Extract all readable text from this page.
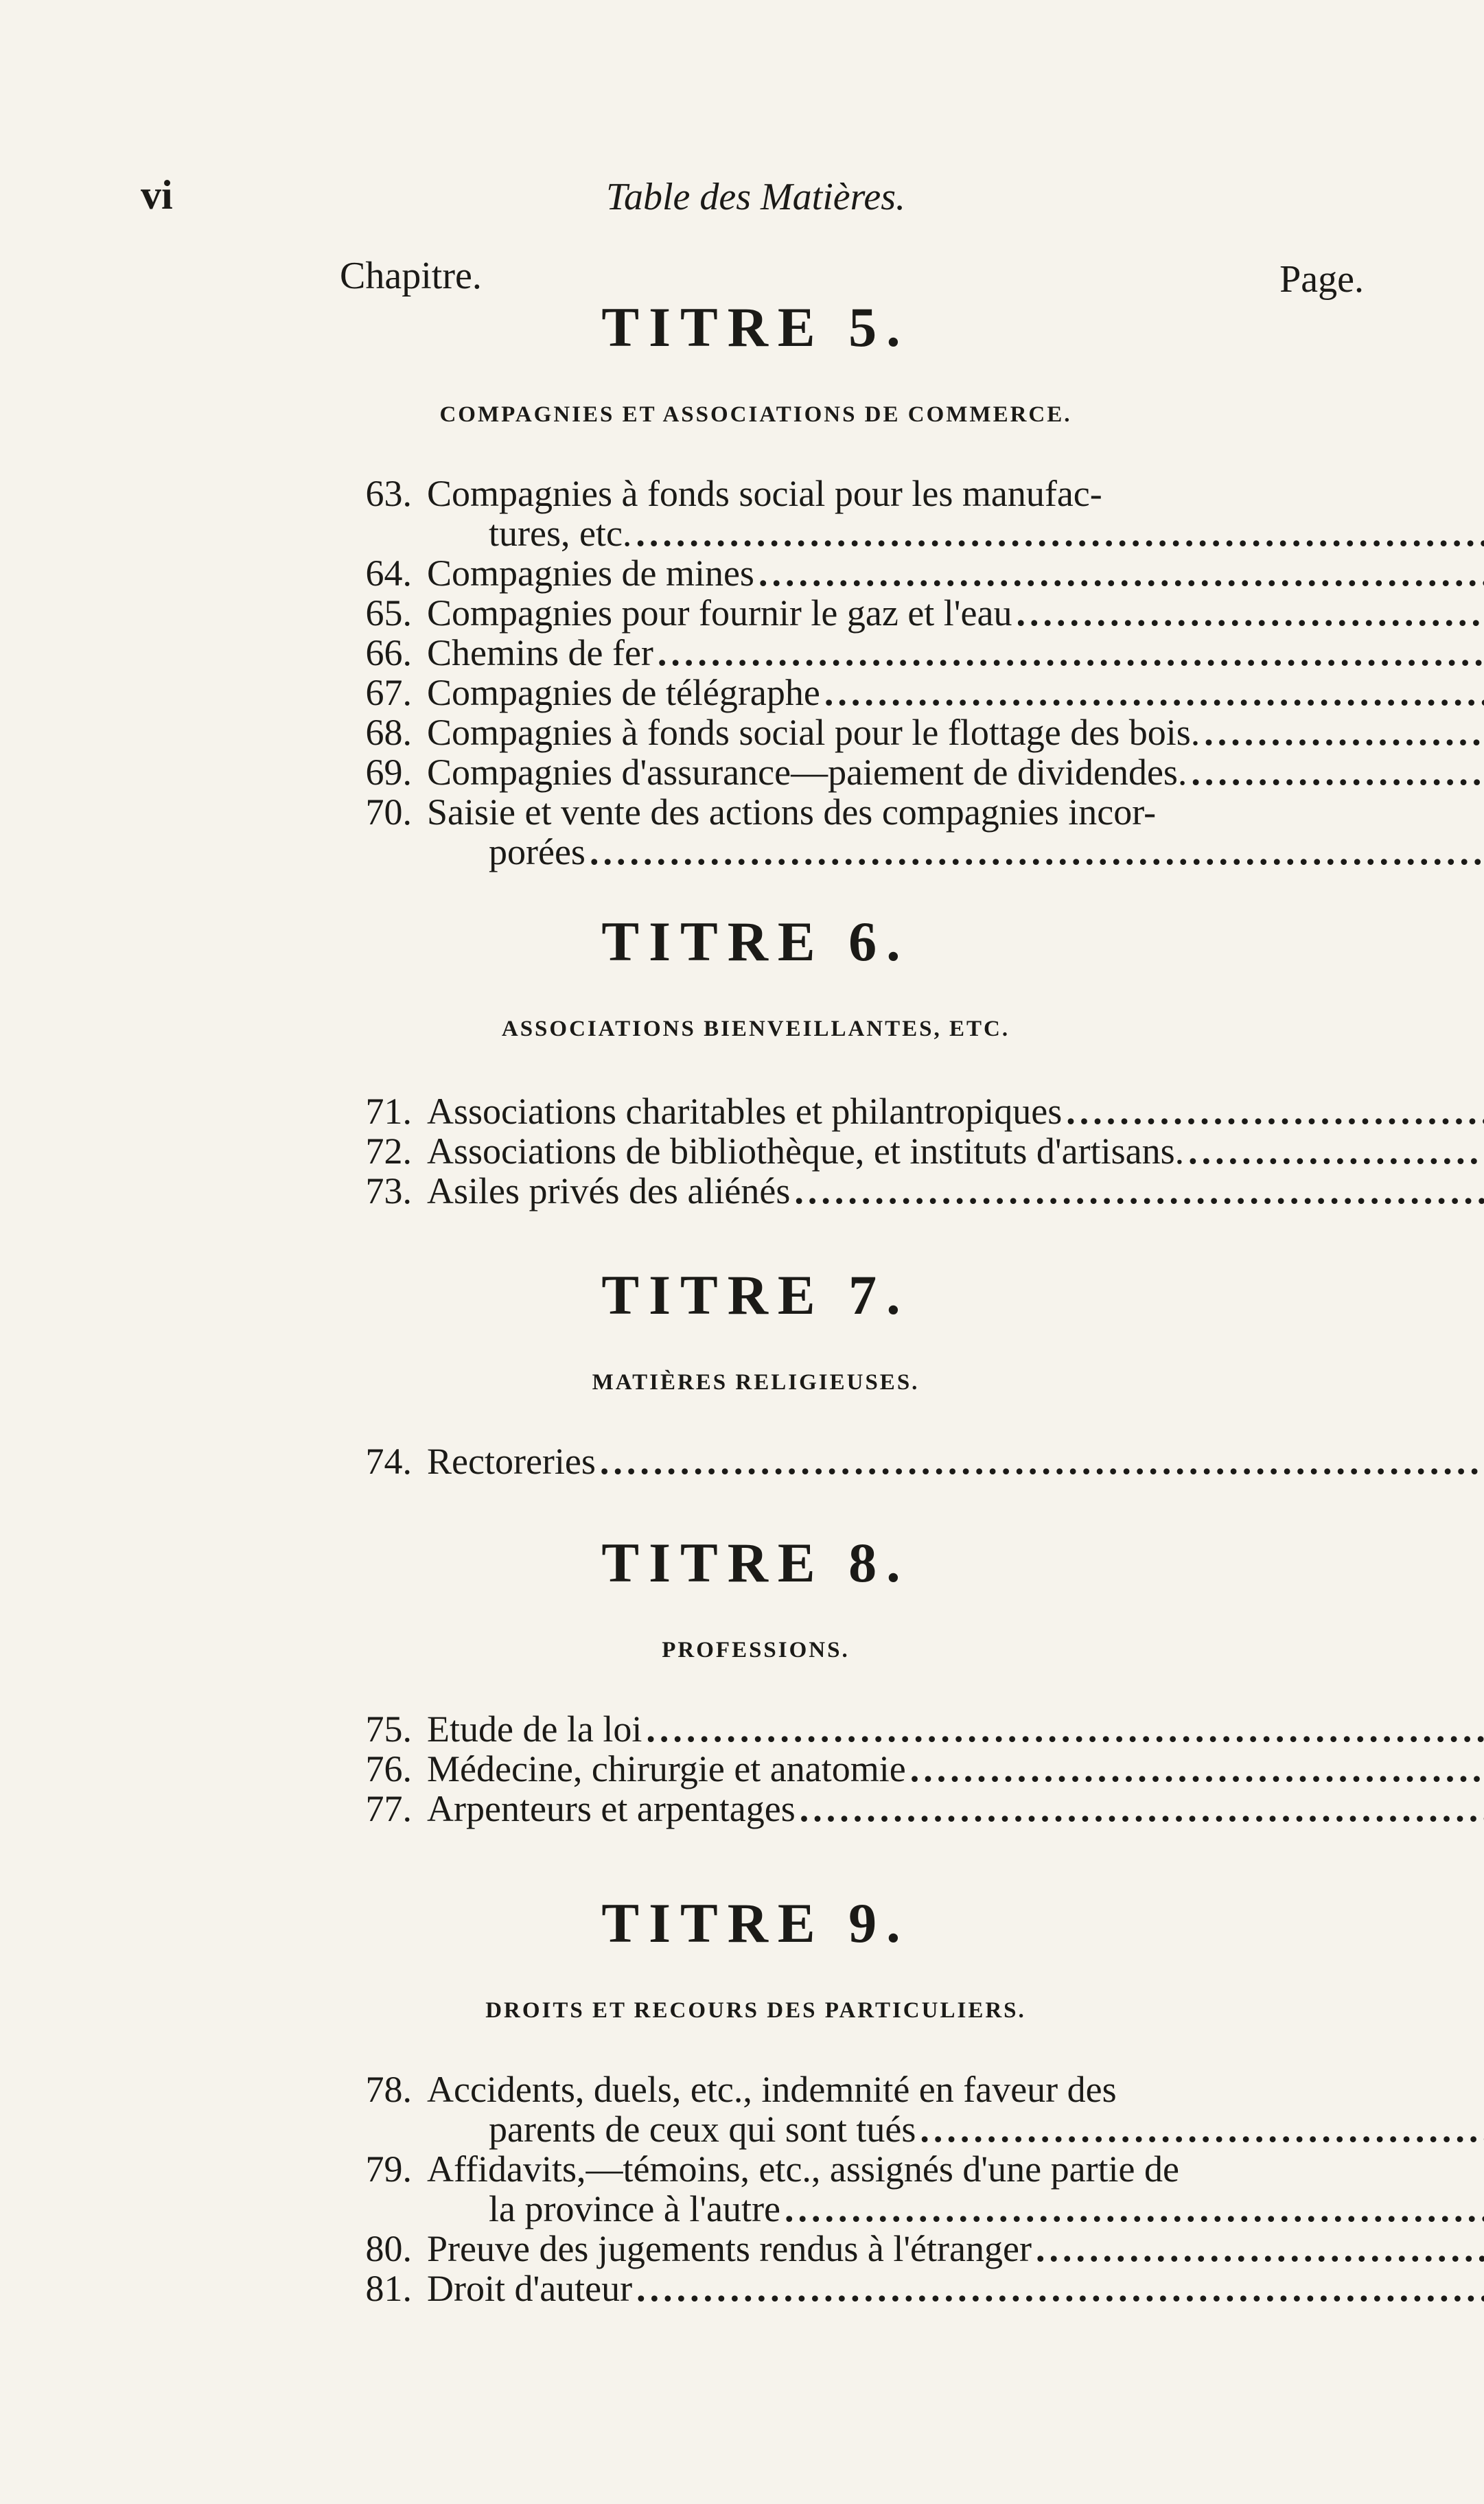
vi	Table des Matières.
Chapitre.	Page.
TITRE 5.
COMPAGNIES ET ASSOCIATIONS DE COMMERCE.
63. Compagnies à fonds social pour les manufac-
tures, etc.
.....
64. Compagnies de mines
.....
65. Compagnies pour fournir le gaz et l'eau
.....
66. Chemins de fer
.....
67. Compagnies de télégraphe
.....
68. Compagnies à fonds social pour le flottage des bois.
.....
69. Compagnies d'assurance—paiement de dividendes.
.....
70. Saisie et vente des actions des compagnies incor-
porées
.....
TITRE 6.
ASSOCIATIONS BIENVEILLANTES, ETC.
71. Associations charitables et philantropiques
.....
72. Associations de bibliothèque, et instituts d'artisans.
.....
73. Asiles privés des aliénés
.....
TITRE 7.
MATIÈRES RELIGIEUSES.
74. Rectoreries
.....
TITRE 8.
PROFESSIONS.
75. Etude de la loi
.....
76. Médecine, chirurgie et anatomie
.....
77. Arpenteurs et arpentages
.....
TITRE 9.
DROITS ET RECOURS DES PARTICULIERS.
78. Accidents, duels, etc., indemnité en faveur des
parents de ceux qui sont tués
.....
79. Affidavits,—témoins, etc., assignés d'une partie de
la province à l'autre
.....
80. Preuve des jugements rendus à l'étranger
.....
81. Droit d'auteur
.....
